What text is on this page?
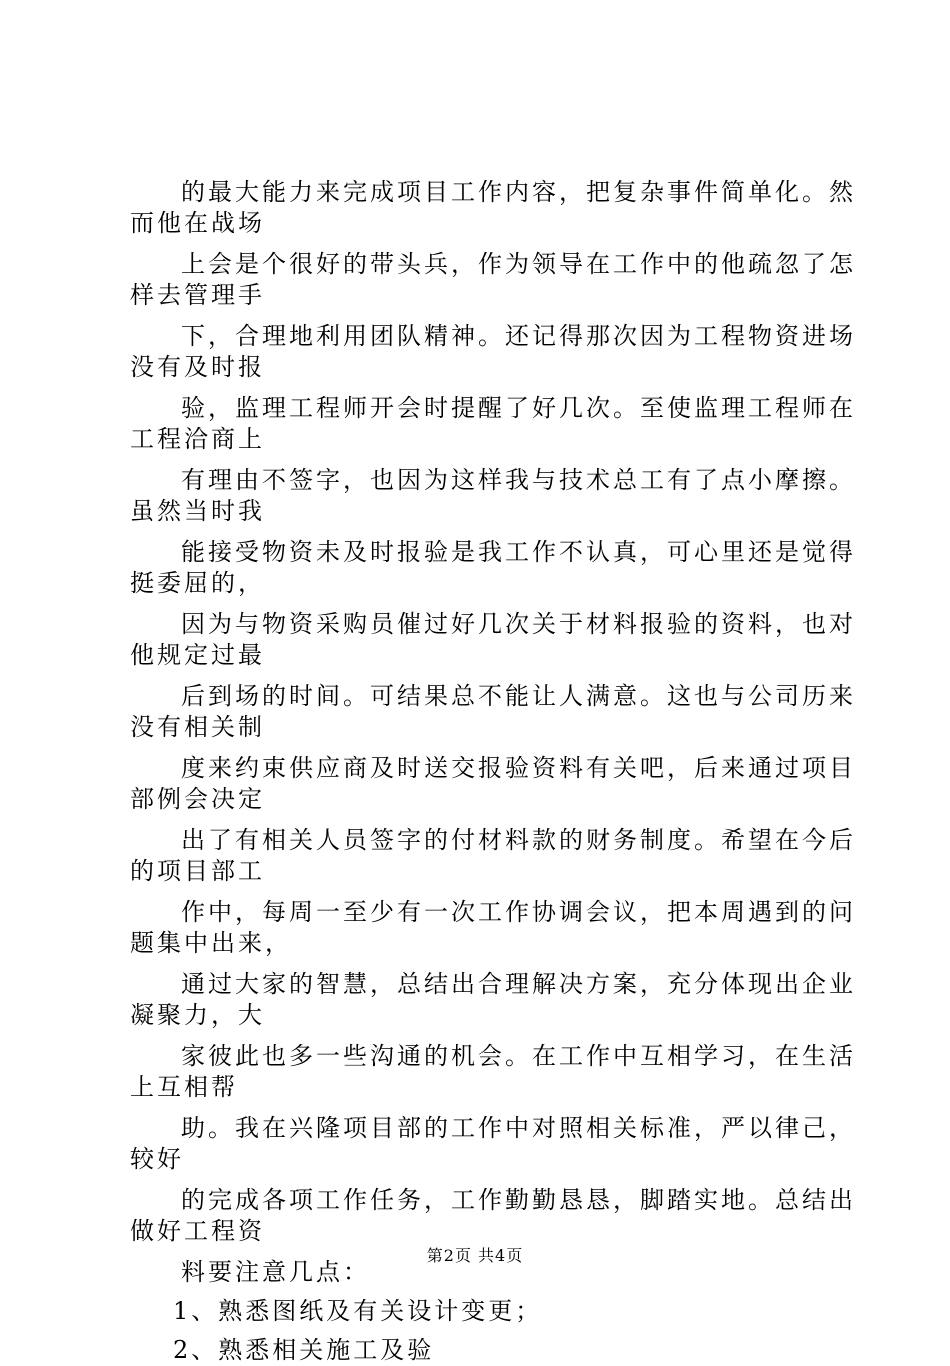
的最大能力来完成项目工作内容，把复杂事件简单化。然
而他在战场
上会是个很好的带头兵，作为领导在工作中的他疏忽了怎
样去管理手
下，合理地利用团队精神。还记得那次因为工程物资进场
没有及时报
验，监理工程师开会时提醒了好几次。至使监理工程师在
工程洽商上
有理由不签字，也因为这样我与技术总工有了点小摩擦。
虽然当时我
能接受物资未及时报验是我工作不认真，可心里还是觉得
挺委屈的，
因为与物资采购员催过好几次关于材料报验的资料，也对
他规定过最
后到场的时间。可结果总不能让人满意。这也与公司历来
没有相关制
度来约束供应商及时送交报验资料有关吧，后来通过项目
部例会决定
出了有相关人员签字的付材料款的财务制度。希望在今后
的项目部工
作中，每周一至少有一次工作协调会议，把本周遇到的问
题集中出来，
通过大家的智慧，总结出合理解决方案，充分体现出企业
凝聚力，大
家彼此也多一些沟通的机会。在工作中互相学习，在生活
上互相帮
助。我在兴隆项目部的工作中对照相关标准，严以律己，
较好
的完成各项工作任务，工作勤勤恳恳，脚踏实地。总结出
做好工程资
料要注意几点：
1、熟悉图纸及有关设计变更；
2、熟悉相关施工及验
第2页 共4页
